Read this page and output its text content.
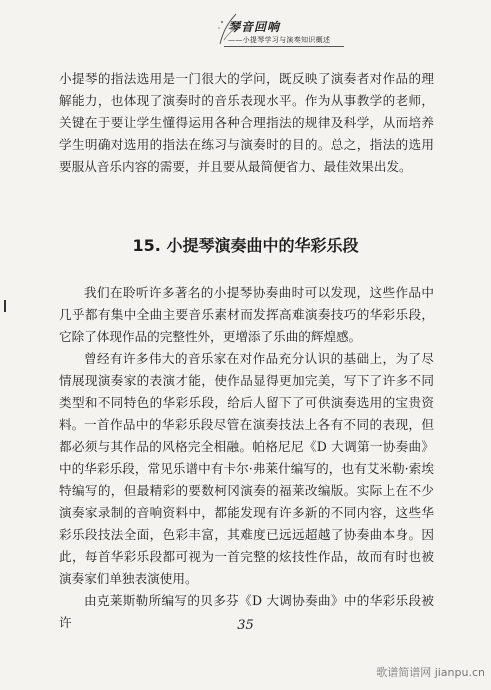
琴音回响
——小提琴学习与演奏知识概述

小提琴的指法选用是一门很大的学问，既反映了演奏者对作品的理解能力，也体现了演奏时的音乐表现水平。作为从事教学的老师，关键在于要让学生懂得运用各种合理指法的规律及科学，从而培养学生明确对选用的指法在练习与演奏时的目的。总之，指法的选用要服从音乐内容的需要，并且要从最简便省力、最佳效果出发。

15. 小提琴演奏曲中的华彩乐段

我们在聆听许多著名的小提琴协奏曲时可以发现，这些作品中几乎都有集中全曲主要音乐素材而发挥高难演奏技巧的华彩乐段，它除了体现作品的完整性外，更增添了乐曲的辉煌感。

曾经有许多伟大的音乐家在对作品充分认识的基础上，为了尽情展现演奏家的表演才能，使作品显得更加完美，写下了许多不同类型和不同特色的华彩乐段，给后人留下了可供演奏选用的宝贵资料。 一首作品中的华彩乐段尽管在演奏技法上各有不同的表现，但都必须与其作品的风格完全相融。帕格尼尼《D 大调第一协奏曲》中的华彩乐段，常见乐谱中有卡尔·弗莱什编写的，也有艾米勒·索埃特编写的，但最精彩的要数柯冈演奏的福莱改编版。实际上在不少演奏家录制的音响资料中，都能发现有许多新的不同内容，这些华彩乐段技法全面，色彩丰富，其难度已远远超越了协奏曲本身。因此，每首华彩乐段都可视为一首完整的炫技性作品，故而有时也被演奏家们单独表演使用。

由克莱斯勒所编写的贝多芬《D 大调协奏曲》中的华彩乐段被许	35
歌谱简谱网 jianpu.cn
